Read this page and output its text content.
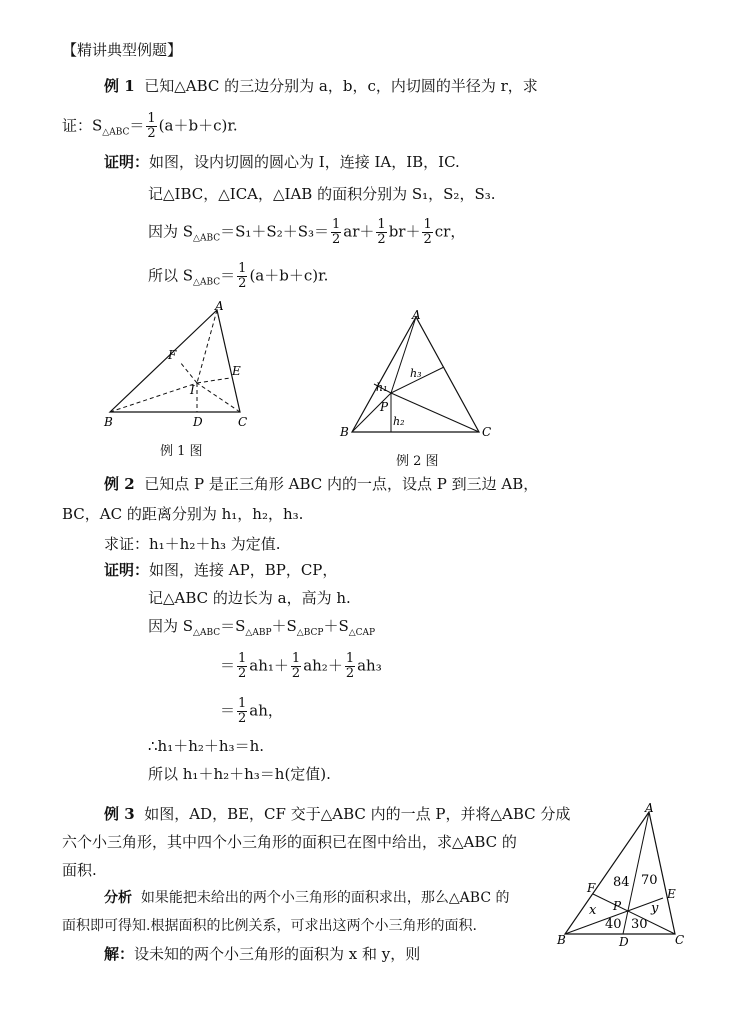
【精讲典型例题】
例 1 已知△ABC 的三边分别为 a，b，c，内切圆的半径为 r，求
证：$S_{\triangle ABC}= \frac{1}{2} (a+b+c)r$.
证明：如图，设内切圆的圆心为 I，连接 IA，IB，IC.
记△IBC，△ICA，△IAB 的面积分别为 S₁，S₂，S₃.
因为 $S_{\triangle ABC}=S_1+S_2+S_3= \frac{1}{2} ar+ \frac{1}{2} br+ \frac{1}{2}$ cr，
所以 $S_{\triangle ABC}= \frac{1}{2} (a+b+c)r$.
A
B	C
D
E
F
I
例 1 图
A
B	C
P
h₁
h₂
h₃
例 2 图
例 2 已知点 P 是正三角形 ABC 内的一点，设点 P 到三边 AB，
BC，AC 的距离分别为 h₁，h₂，h₃.
求证：h₁＋h₂＋h₃ 为定值.
证明：如图，连接 AP，BP，CP，
记△ABC 的边长为 a，高为 h.
因为 $S_{\triangle ABC}=S_{\triangle ABP}+S_{\triangle BCP}+S_{\triangle CAP}$
＝ $\frac{1}{2} ah_1+ \frac{1}{2} ah_2+ \frac{1}{2} ah_3$
＝ $\frac{1}{2}$ ah，
∴h₁＋h₂＋h₃＝h.
所以 h₁＋h₂＋h₃＝h(定值).
例 3 如图，AD，BE，CF 交于△ABC 内的一点 P，并将△ABC 分成
六个小三角形，其中四个小三角形的面积已在图中给出，求△ABC 的
面积.
分析 如果能把未给出的两个小三角形的面积求出，那么△ABC 的
面积即可得知.根据面积的比例关系，可求出这两个小三角形的面积.
解：设未知的两个小三角形的面积为 x 和 y，则
A
B	C
D
E
F
P
84 70
40 30
x	y
